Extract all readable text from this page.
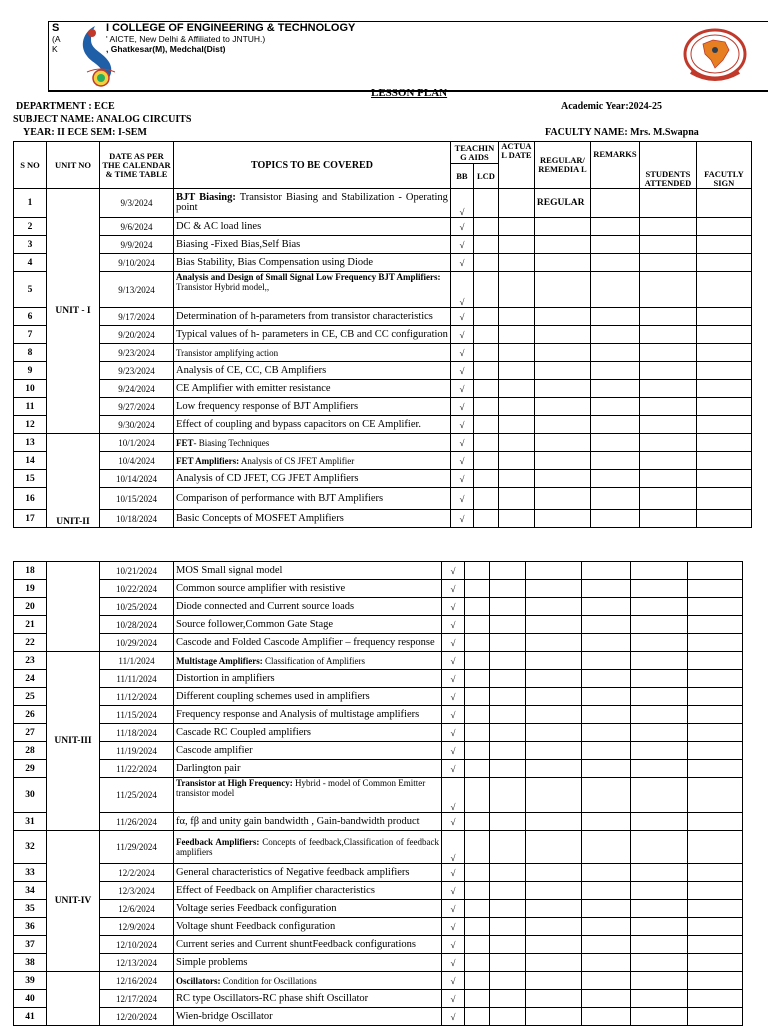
S
(A
K
I COLLEGE OF ENGINEERING & TECHNOLOGY
' AICTE, New Delhi & Affiliated to JNTUH.)
, Ghatkesar(M), Medchal(Dist)
LESSON PLAN
DEPARTMENT : ECE
SUBJECT NAME: ANALOG CIRCUITS
YEAR: II ECE SEM: I-SEM
Academic Year:2024-25
FACULTY NAME: Mrs. M.Swapna
S NO	UNIT NO	DATE AS PER THE CALENDAR & TIME TABLE	TOPICS TO BE COVERED	TEACHIN G AIDS		ACTUA L DATE	REGULAR/ REMEDIA L	REMARKS	STUDENTS ATTENDED	FACUTLY SIGN
				BB	LCD					
1	UNIT - I	9/3/2024	BJT Biasing: Transistor Biasing and Stabilization - Operating point	√			REGULAR			
2		9/6/2024	DC & AC load lines	√						
3		9/9/2024	Biasing -Fixed Bias,Self Bias	√						
4		9/10/2024	Bias Stability, Bias Compensation using Diode	√						
5		9/13/2024	Analysis and Design of Small Signal Low Frequency BJT Amplifiers: Transistor Hybrid model,,	√						
6		9/17/2024	Determination of h-parameters from transistor characteristics	√						
7		9/20/2024	Typical values of h- parameters in CE, CB and CC configuration	√						
8		9/23/2024	Transistor amplifying action	√						
9		9/23/2024	Analysis of CE, CC, CB Amplifiers	√						
10		9/24/2024	CE Amplifier with emitter resistance	√						
11		9/27/2024	Low frequency response of BJT Amplifiers	√						
12		9/30/2024	Effect of coupling and bypass capacitors on CE Amplifier.	√						
13	UNIT-II	10/1/2024	FET- Biasing Techniques	√						
14		10/4/2024	FET Amplifiers: Analysis of CS JFET Amplifier	√						
15		10/14/2024	Analysis of CD JFET, CG JFET Amplifiers	√						
16		10/15/2024	Comparison of performance with BJT Amplifiers	√						
17		10/18/2024	Basic Concepts of MOSFET Amplifiers	√						
18		10/21/2024	MOS Small signal model	√						
19		10/22/2024	Common source amplifier with resistive	√						
20		10/25/2024	Diode connected and Current source loads	√						
21		10/28/2024	Source follower,Common Gate Stage	√						
22		10/29/2024	Cascode and Folded Cascode Amplifier – frequency response	√						
23	UNIT-III	11/1/2024	Multistage Amplifiers: Classification of Amplifiers	√						
24		11/11/2024	Distortion in amplifiers	√						
25		11/12/2024	Different coupling schemes used in amplifiers	√						
26		11/15/2024	Frequency response and Analysis of multistage amplifiers	√						
27		11/18/2024	Cascade RC Coupled amplifiers	√						
28		11/19/2024	Cascode amplifier	√						
29		11/22/2024	Darlington pair	√						
30		11/25/2024	Transistor at High Frequency: Hybrid - model of Common Emitter transistor model	√						
31		11/26/2024	fα, fβ and unity gain bandwidth , Gain-bandwidth product	√						
32	UNIT-IV	11/29/2024	Feedback Amplifiers: Concepts of feedback,Classification of feedback amplifiers	√						
33		12/2/2024	General characteristics of Negative feedback amplifiers	√						
34		12/3/2024	Effect of Feedback on Amplifier characteristics	√						
35		12/6/2024	Voltage series Feedback configuration	√						
36		12/9/2024	Voltage shunt Feedback configuration	√						
37		12/10/2024	Current series and Current shuntFeedback configurations	√						
38		12/13/2024	Simple problems	√						
39		12/16/2024	Oscillators: Condition for Oscillations	√						
40		12/17/2024	RC type Oscillators-RC phase shift Oscillator	√						
41		12/20/2024	Wien-bridge Oscillator	√						
